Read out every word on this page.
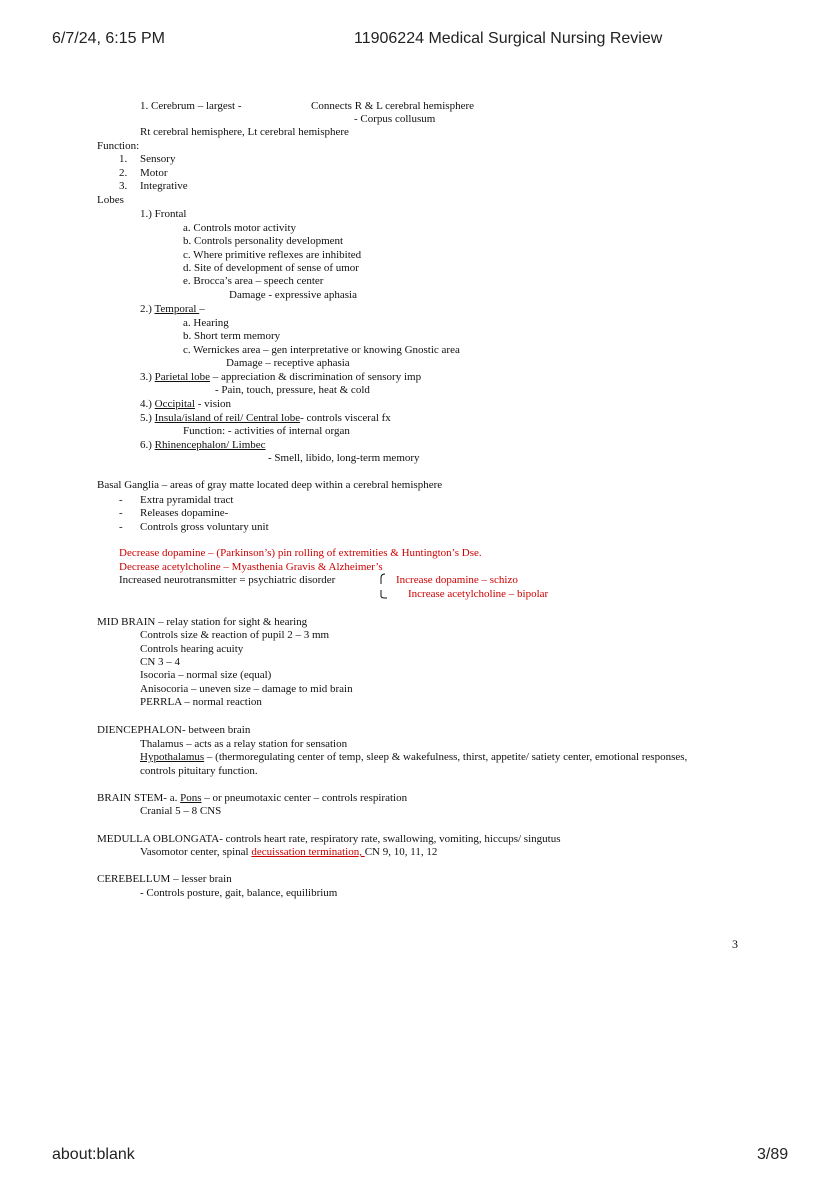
6/7/24, 6:15 PM	11906224 Medical Surgical Nursing Review
1. Cerebrum – largest -	Connects R & L cerebral hemisphere
- Corpus collusum
Rt cerebral hemisphere, Lt cerebral hemisphere
Function:
1. Sensory
2. Motor
3. Integrative
Lobes
1.) Frontal
a. Controls motor activity
b. Controls personality development
c. Where primitive reflexes are inhibited
d. Site of development of sense of umor
e. Brocca’s area – speech center
Damage - expressive aphasia
2.) Temporal –
a. Hearing
b. Short term memory
c. Wernickes area – gen interpretative or knowing Gnostic area
Damage – receptive aphasia
3.) Parietal lobe – appreciation & discrimination of sensory imp
- Pain, touch, pressure, heat & cold
4.) Occipital - vision
5.) Insula/island of reil/ Central lobe- controls visceral fx
Function: - activities of internal organ
6.) Rhinencephalon/ Limbec
- Smell, libido, long-term memory
Basal Ganglia – areas of gray matte located deep within a cerebral hemisphere
- Extra pyramidal tract
- Releases dopamine-
- Controls gross voluntary unit
Decrease dopamine – (Parkinson’s) pin rolling of extremities & Huntington’s Dse.
Decrease acetylcholine – Myasthenia Gravis & Alzheimer’s
Increased neurotransmitter = psychiatric disorder	Increase dopamine – schizo
Increase acetylcholine – bipolar
MID BRAIN – relay station for sight & hearing
Controls size & reaction of pupil 2 – 3 mm
Controls hearing acuity
CN 3 – 4
Isocoria – normal size (equal)
Anisocoria – uneven size – damage to mid brain
PERRLA – normal reaction
DIENCEPHALON- between brain
Thalamus – acts as a relay station for sensation
Hypothalamus – (thermoregulating center of temp, sleep & wakefulness, thirst, appetite/ satiety center, emotional responses,
controls pituitary function.
BRAIN STEM- a. Pons – or pneumotaxic center – controls respiration
Cranial 5 – 8 CNS
MEDULLA OBLONGATA- controls heart rate, respiratory rate, swallowing, vomiting, hiccups/ singutus
Vasomotor center, spinal decuissation termination, CN 9, 10, 11, 12
CEREBELLUM – lesser brain
- Controls posture, gait, balance, equilibrium
3
about:blank	3/89
